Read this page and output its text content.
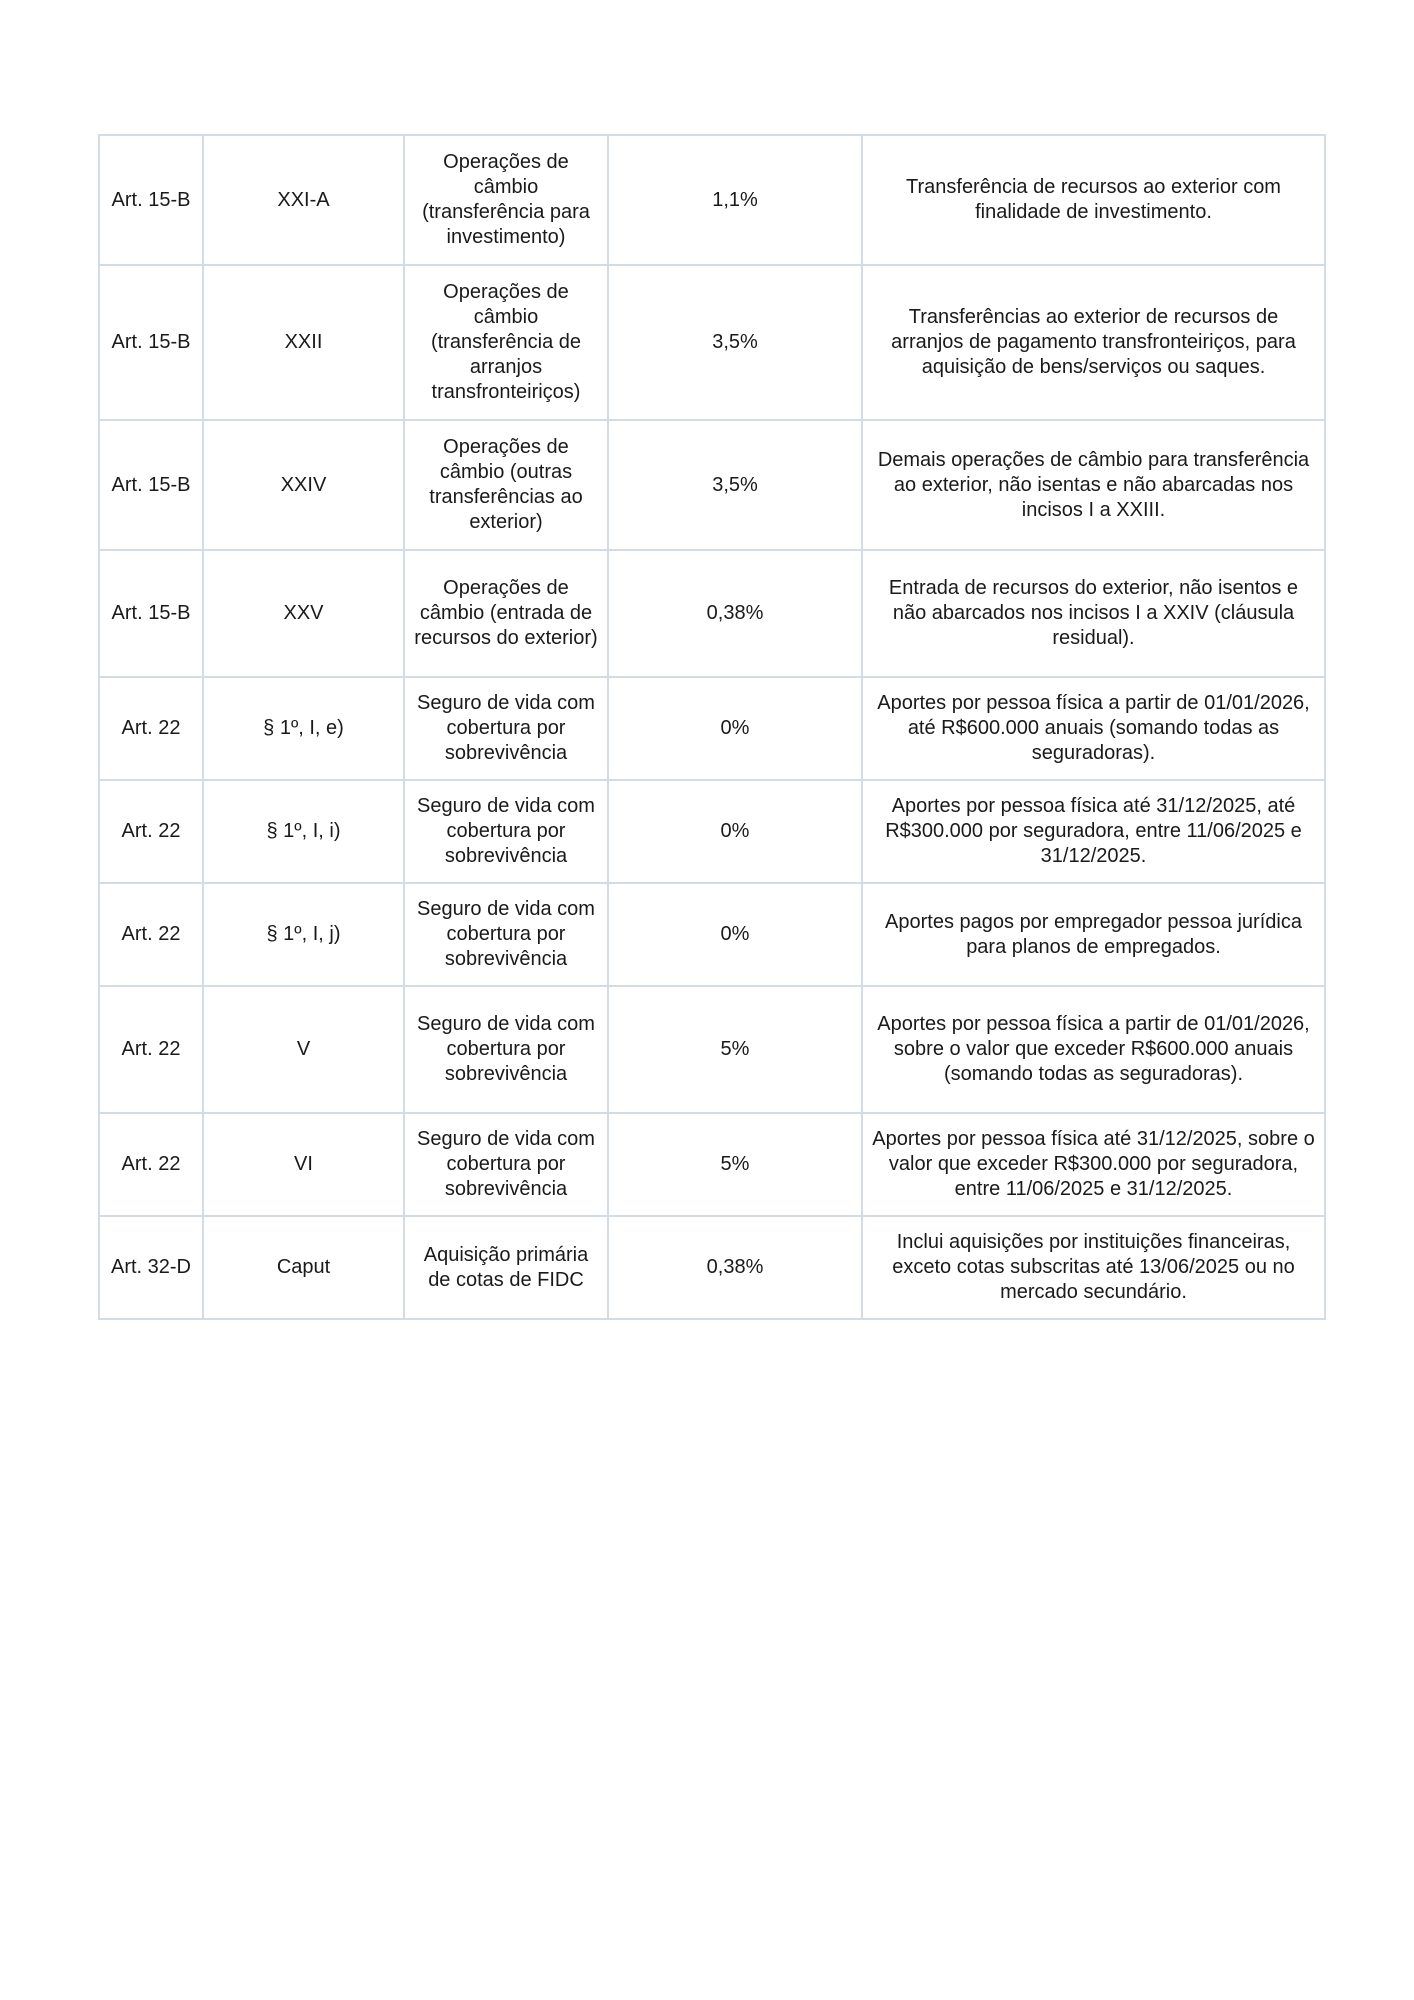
Art. 15-B	XXI-A	Operações de câmbio (transferência para investimento)	1,1%	Transferência de recursos ao exterior com finalidade de investimento.
Art. 15-B	XXII	Operações de câmbio (transferência de arranjos transfronteiriços)	3,5%	Transferências ao exterior de recursos de arranjos de pagamento transfronteiriços, para aquisição de bens/serviços ou saques.
Art. 15-B	XXIV	Operações de câmbio (outras transferências ao exterior)	3,5%	Demais operações de câmbio para transferência ao exterior, não isentas e não abarcadas nos incisos I a XXIII.
Art. 15-B	XXV	Operações de câmbio (entrada de recursos do exterior)	0,38%	Entrada de recursos do exterior, não isentos e não abarcados nos incisos I a XXIV (cláusula residual).
Art. 22	§ 1º, I, e)	Seguro de vida com cobertura por sobrevivência	0%	Aportes por pessoa física a partir de 01/01/2026, até R$600.000 anuais (somando todas as seguradoras).
Art. 22	§ 1º, I, i)	Seguro de vida com cobertura por sobrevivência	0%	Aportes por pessoa física até 31/12/2025, até R$300.000 por seguradora, entre 11/06/2025 e 31/12/2025.
Art. 22	§ 1º, I, j)	Seguro de vida com cobertura por sobrevivência	0%	Aportes pagos por empregador pessoa jurídica para planos de empregados.
Art. 22	V	Seguro de vida com cobertura por sobrevivência	5%	Aportes por pessoa física a partir de 01/01/2026, sobre o valor que exceder R$600.000 anuais (somando todas as seguradoras).
Art. 22	VI	Seguro de vida com cobertura por sobrevivência	5%	Aportes por pessoa física até 31/12/2025, sobre o valor que exceder R$300.000 por seguradora, entre 11/06/2025 e 31/12/2025.
Art. 32-D	Caput	Aquisição primária de cotas de FIDC	0,38%	Inclui aquisições por instituições financeiras, exceto cotas subscritas até 13/06/2025 ou no mercado secundário.
